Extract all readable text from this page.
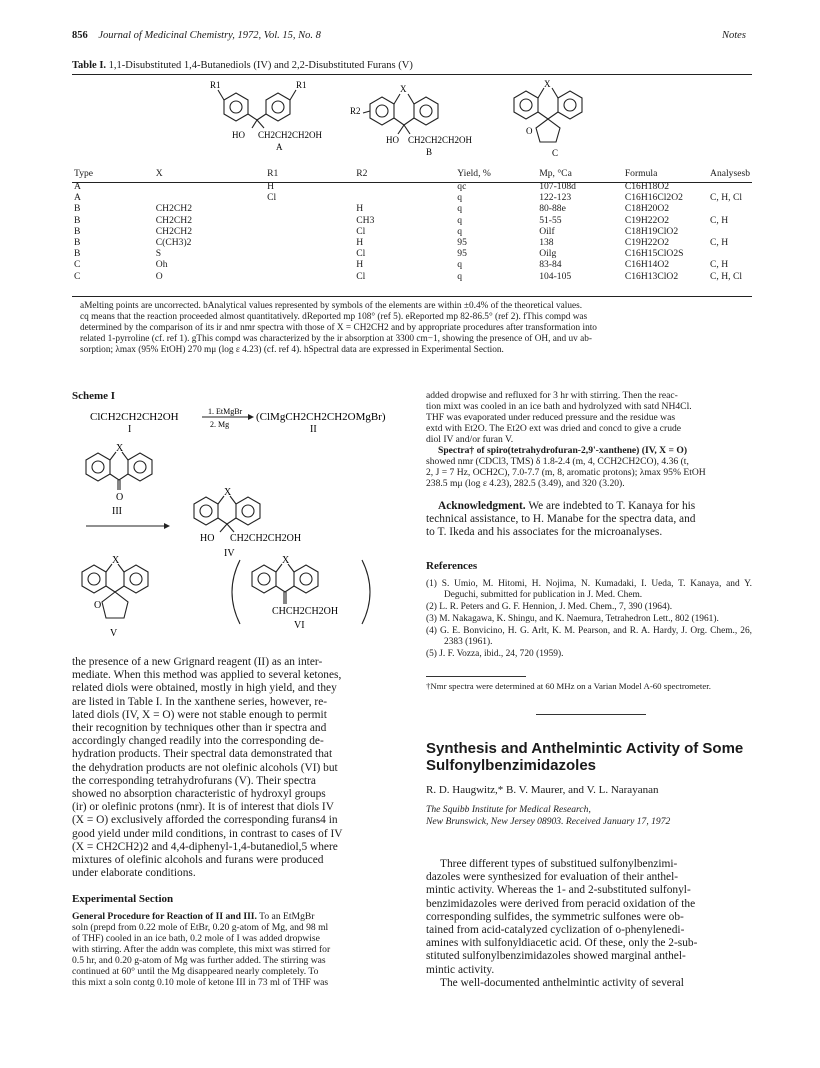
856 Journal of Medicinal Chemistry, 1972, Vol. 15, No. 8	Notes
Table I. 1,1-Disubstituted 1,4-Butanediols (IV) and 2,2-Disubstituted Furans (V)
R1	R1
HO CH2CH2CH2OH
A
X
R2
HO CH2CH2CH2OH
B
X
O
C
Type	X	R1	R2	Yield, %	Mp, °Ca	Formula	Analysesb
A		H		qc	107-108d	C16H18O2	
A		Cl		q	122-123	C16H16Cl2O2	C, H, Cl
B	CH2CH2		H	q	80-88e	C18H20O2	
B	CH2CH2		CH3	q	51-55	C19H22O2	C, H
B	CH2CH2		Cl	q	Oilf	C18H19ClO2	
B	C(CH3)2		H	95	138	C19H22O2	C, H
B	S		Cl	95	Oilg	C16H15ClO2S	
C	Oh		H	q	83-84	C16H14O2	C, H
C	O		Cl	q	104-105	C16H13ClO2	C, H, Cl

aMelting points are uncorrected. bAnalytical values represented by symbols of the elements are within ±0.4% of the theoretical values.

cq means that the reaction proceeded almost quantitatively. dReported mp 108° (ref 5). eReported mp 82-86.5° (ref 2). fThis compd was

determined by the comparison of its ir and nmr spectra with those of X = CH2CH2 and by appropriate procedures after transformation into

related 1-pyrroline (cf. ref 1). gThis compd was characterized by the ir absorption at 3300 cm−1, showing the presence of OH, and uv ab-

sorption; λmax (95% EtOH) 270 mμ (log ε 4.23) (cf. ref 4). hSpectral data are expressed in Experimental Section.

Scheme I
ClCH2CH2CH2OH
I
1. EtMgBr
2. Mg
(ClMgCH2CH2CH2OMgBr)
II
X
O
III
X
HO CH2CH2CH2OH
IV
X
O
V
X
CHCH2CH2OH
VI
the presence of a new Grignard reagent (II) as an inter-
mediate. When this method was applied to several ketones,
related diols were obtained, mostly in high yield, and they
are listed in Table I. In the xanthene series, however, re-
lated diols (IV, X = O) were not stable enough to permit
their recognition by techniques other than ir spectra and
accordingly changed readily into the corresponding de-
hydration products. Their spectral data demonstrated that
the dehydration products are not olefinic alcohols (VI) but
the corresponding tetrahydrofurans (V). Their spectra
showed no absorption characteristic of hydroxyl groups
(ir) or olefinic protons (nmr). It is of interest that diols IV
(X = O) exclusively afforded the corresponding furans4 in
good yield under mild conditions, in contrast to cases of IV
(X = CH2CH2)2 and 4,4-diphenyl-1,4-butanediol,5 where
mixtures of olefinic alcohols and furans were produced
under elaborate conditions.
Experimental Section
General Procedure for Reaction of II and III. To an EtMgBr
soln (prepd from 0.22 mole of EtBr, 0.20 g-atom of Mg, and 98 ml
of THF) cooled in an ice bath, 0.2 mole of I was added dropwise
with stirring. After the addn was complete, this mixt was stirred for
0.5 hr, and 0.20 g-atom of Mg was further added. The stirring was
continued at 60° until the Mg disappeared nearly completely. To
this mixt a soln contg 0.10 mole of ketone III in 73 ml of THF was
added dropwise and refluxed for 3 hr with stirring. Then the reac-
tion mixt was cooled in an ice bath and hydrolyzed with satd NH4Cl.
THF was evaporated under reduced pressure and the residue was
extd with Et2O. The Et2O ext was dried and concd to give a crude
diol IV and/or furan V.
Spectra† of spiro(tetrahydrofuran-2,9'-xanthene) (IV, X = O)
showed nmr (CDCl3, TMS) δ 1.8-2.4 (m, 4, CCH2CH2CO), 4.36 (t,
2, J = 7 Hz, OCH2C), 7.0-7.7 (m, 8, aromatic protons); λmax 95% EtOH
238.5 mμ (log ε 4.23), 282.5 (3.49), and 320 (3.20).
Acknowledgment. We are indebted to T. Kanaya for his
technical assistance, to H. Manabe for the spectra data, and
to T. Ikeda and his associates for the microanalyses.
References

(1) S. Umio, M. Hitomi, H. Nojima, N. Kumadaki, I. Ueda, T. Kanaya, and Y. Deguchi, submitted for publication in J. Med. Chem.

(2) L. R. Peters and G. F. Hennion, J. Med. Chem., 7, 390 (1964).

(3) M. Nakagawa, K. Shingu, and K. Naemura, Tetrahedron Lett., 802 (1961).

(4) G. E. Bonvicino, H. G. Arlt, K. M. Pearson, and R. A. Hardy, J. Org. Chem., 26, 2383 (1961).

(5) J. F. Vozza, ibid., 24, 720 (1959).

†Nmr spectra were determined at 60 MHz on a Varian Model A-60 spectrometer.
Synthesis and Anthelmintic Activity of Some
Sulfonylbenzimidazoles
R. D. Haugwitz,* B. V. Maurer, and V. L. Narayanan
The Squibb Institute for Medical Research,
New Brunswick, New Jersey 08903. Received January 17, 1972
Three different types of substitued sulfonylbenzimi-
dazoles were synthesized for evaluation of their anthel-
mintic activity. Whereas the 1- and 2-substituted sulfonyl-
benzimidazoles were derived from peracid oxidation of the
corresponding sulfides, the symmetric sulfones were ob-
tained from acid-catalyzed cyclization of o-phenylenedi-
amines with sulfonyldiacetic acid. Of these, only the 2-sub-
stituted sulfonylbenzimidazoles showed marginal anthel-
mintic activity.
The well-documented anthelmintic activity of several
